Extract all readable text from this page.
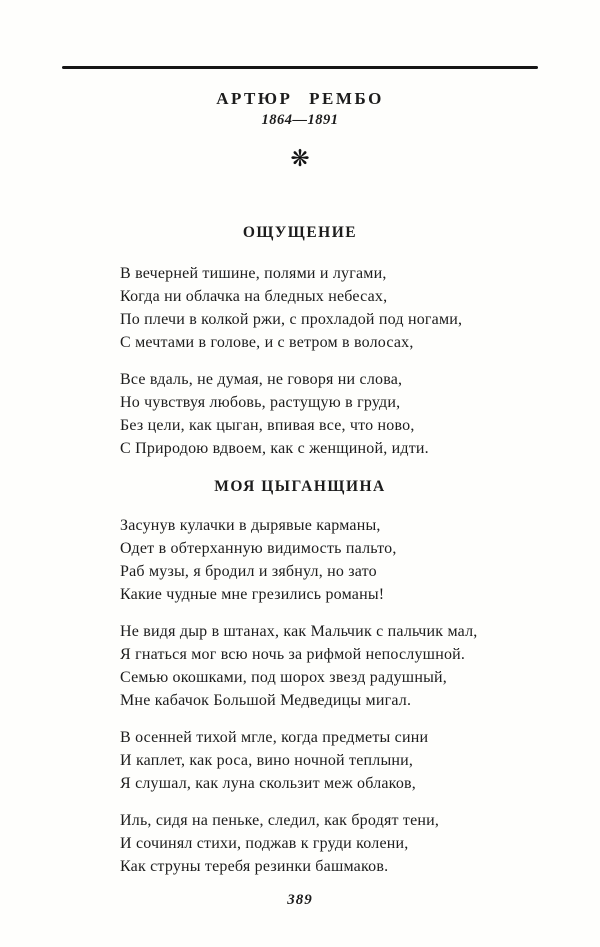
АРТЮР РЕМБО
1864—1891
❋
ОЩУЩЕНИЕ
В вечерней тишине, полями и лугами,
Когда ни облачка на бледных небесах,
По плечи в колкой ржи, с прохладой под ногами,
С мечтами в голове, и с ветром в волосах,
Все вдаль, не думая, не говоря ни слова,
Но чувствуя любовь, растущую в груди,
Без цели, как цыган, впивая все, что ново,
С Природою вдвоем, как с женщиной, идти.
МОЯ ЦЫГАНЩИНА
Засунув кулачки в дырявые карманы,
Одет в обтерханную видимость пальто,
Раб музы, я бродил и зябнул, но зато
Какие чудные мне грезились романы!
Не видя дыр в штанах, как Мальчик с пальчик мал,
Я гнаться мог всю ночь за рифмой непослушной.
Семью окошками, под шорох звезд радушный,
Мне кабачок Большой Медведицы мигал.
В осенней тихой мгле, когда предметы сини
И каплет, как роса, вино ночной теплыни,
Я слушал, как луна скользит меж облаков,
Иль, сидя на пеньке, следил, как бродят тени,
И сочинял стихи, поджав к груди колени,
Как струны теребя резинки башмаков.
389
